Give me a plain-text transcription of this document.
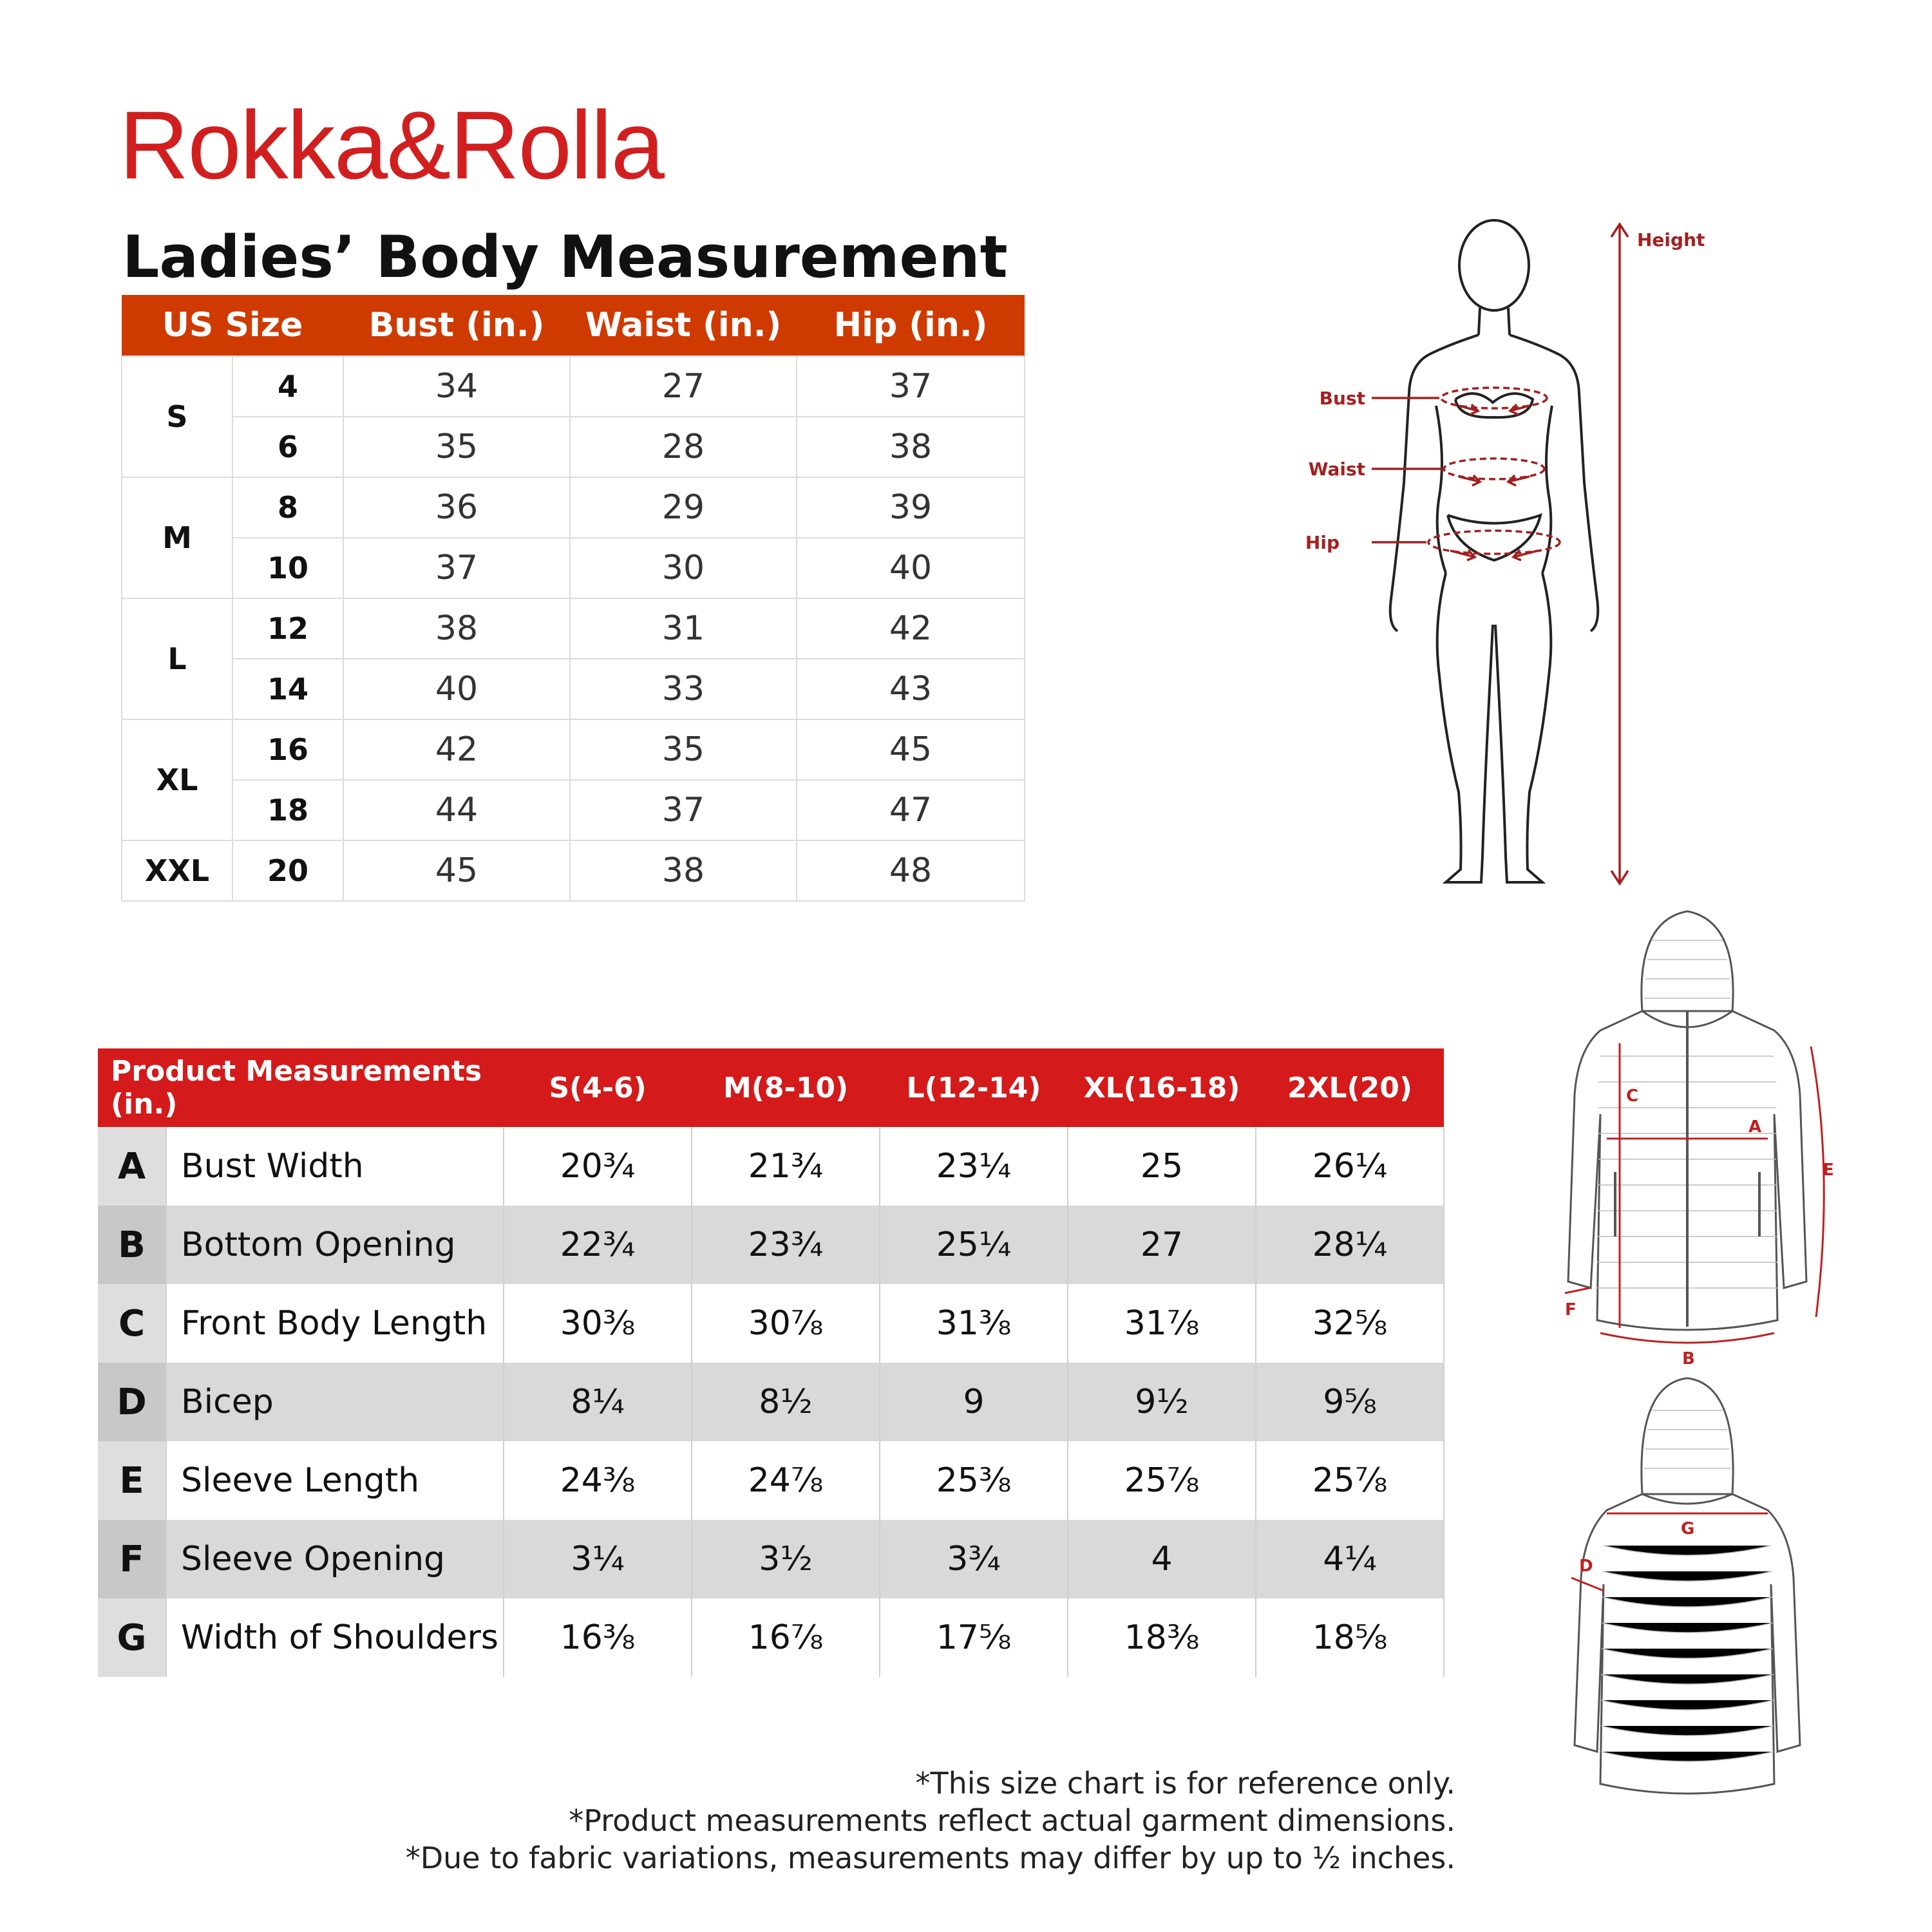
Rokka&Rolla
Ladies’ Body Measurement
US Size		Bust (in.)	Waist (in.)	Hip (in.)
S	4	34	27	37
	6	35	28	38
M	8	36	29	39
	10	37	30	40
L	12	38	31	42
	14	40	33	43
XL	16	42	35	45
	18	44	37	47
XXL	20	45	38	48
Bust
Waist
Hip
Height
Product Measurements (in.)		S(4-6)	M(8-10)	L(12-14)	XL(16-18)	2XL(20)
A	Bust Width	20¾	21¾	23¼	25	26¼
B	Bottom Opening	22¾	23¾	25¼	27	28¼
C	Front Body Length	30⅜	30⅞	31⅜	31⅞	32⅝
D	Bicep	8¼	8½	9	9½	9⅝
E	Sleeve Length	24⅜	24⅞	25⅜	25⅞	25⅞
F	Sleeve Opening	3¼	3½	3¾	4	4¼
G	Width of Shoulders	16⅜	16⅞	17⅝	18⅜	18⅝
A
B
C
E
F
G
D
*This size chart is for reference only.
*Product measurements reflect actual garment dimensions.
*Due to fabric variations, measurements may differ by up to ½ inches.
